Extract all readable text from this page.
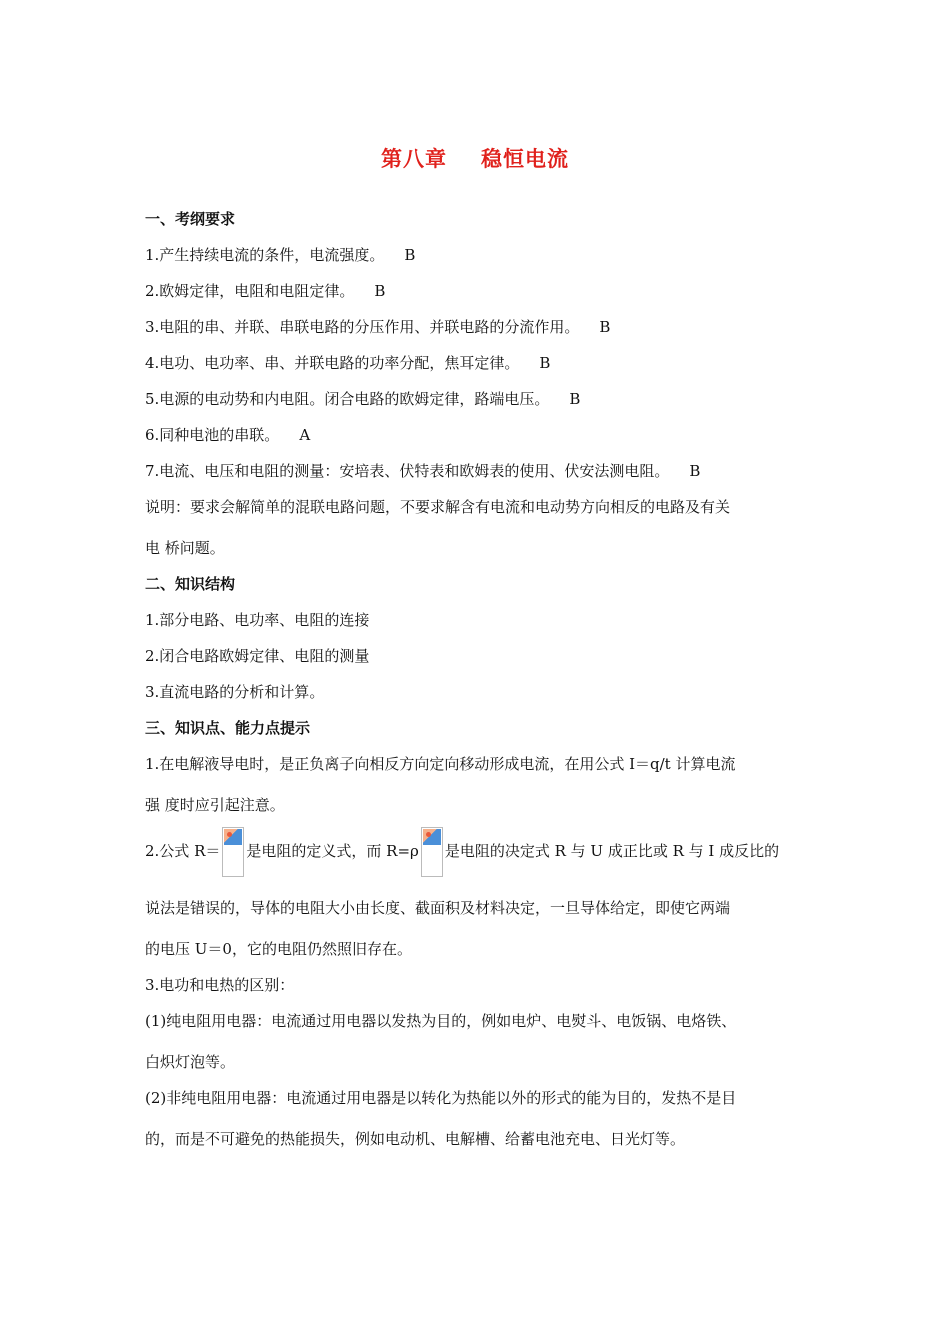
第八章 稳恒电流
一、考纲要求
1.产生持续电流的条件，电流强度。 B
2.欧姆定律，电阻和电阻定律。 B
3.电阻的串、并联、串联电路的分压作用、并联电路的分流作用。 B
4.电功、电功率、串、并联电路的功率分配，焦耳定律。 B
5.电源的电动势和内电阻。闭合电路的欧姆定律，路端电压。 B
6.同种电池的串联。 A
7.电流、电压和电阻的测量：安培表、伏特表和欧姆表的使用、伏安法测电阻。 B
说明：要求会解简单的混联电路问题，不要求解含有电流和电动势方向相反的电路及有关
电 桥问题。
二、知识结构
1.部分电路、电功率、电阻的连接
2.闭合电路欧姆定律、电阻的测量
3.直流电路的分析和计算。
三、知识点、能力点提示
1.在电解液导电时，是正负离子向相反方向定向移动形成电流，在用公式 I＝q/t 计算电流
强 度时应引起注意。
2.公式 R＝ 是电阻的定义式，而 R=ρ 是电阻的决定式 R 与 U 成正比或 R 与 I 成反比的
说法是错误的，导体的电阻大小由长度、截面积及材料决定，一旦导体给定，即使它两端
的电压 U＝0，它的电阻仍然照旧存在。
3.电功和电热的区别：
(1)纯电阻用电器：电流通过用电器以发热为目的，例如电炉、电熨斗、电饭锅、电烙铁、
白炽灯泡等。
(2)非纯电阻用电器：电流通过用电器是以转化为热能以外的形式的能为目的，发热不是目
的，而是不可避免的热能损失，例如电动机、电解槽、给蓄电池充电、日光灯等。
